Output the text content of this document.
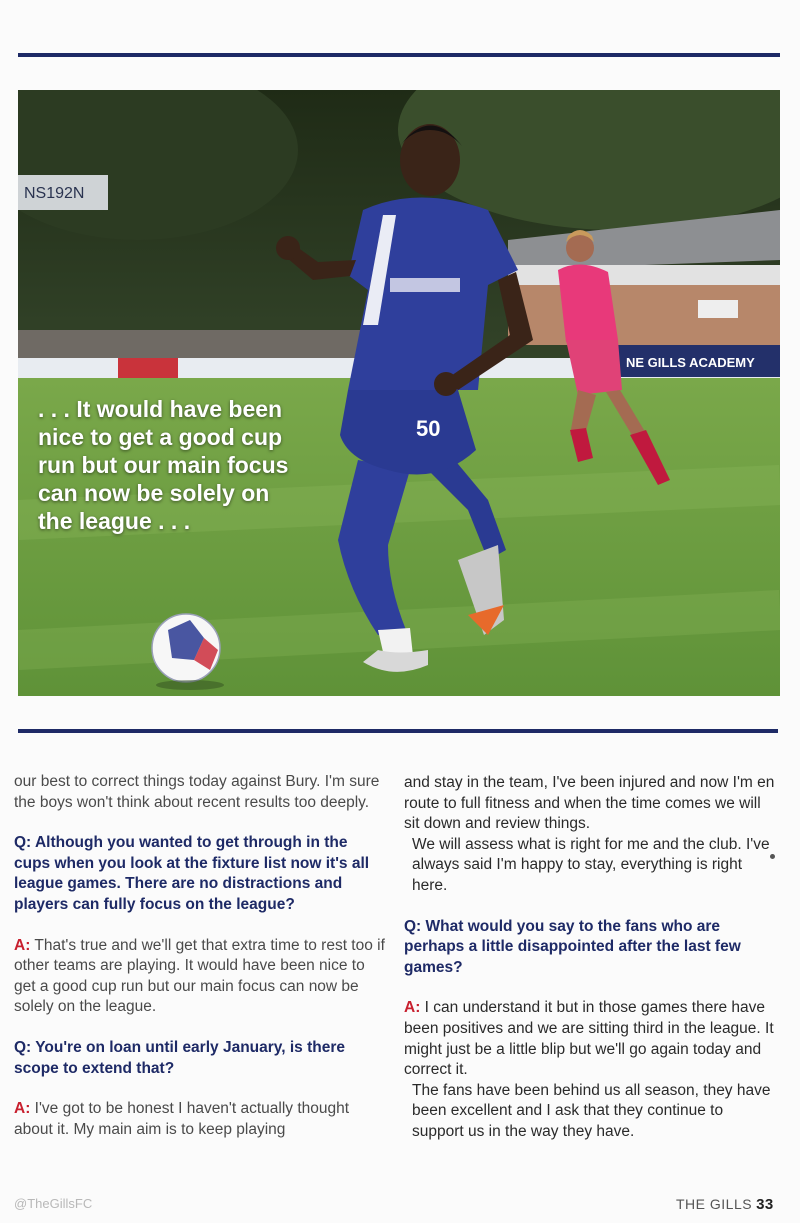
NS192N
NE GILLS ACADEMY
50

. . . It would have been nice to get a good cup run but our main focus can now be solely on the league . . .

our best to correct things today against Bury. I'm sure the boys won't think about recent results too deeply.

Q: Although you wanted to get through in the cups when you look at the fixture list now it's all league games. There are no distractions and players can fully focus on the league?

A: That's true and we'll get that extra time to rest too if other teams are playing. It would have been nice to get a good cup run but our main focus can now be solely on the league.

Q: You're on loan until early January, is there scope to extend that?

A: I've got to be honest I haven't actually thought about it. My main aim is to keep playing

and stay in the team, I've been injured and now I'm en route to full fitness and when the time comes we will sit down and review things.
We will assess what is right for me and the club. I've always said I'm happy to stay, everything is right here.

Q: What would you say to the fans who are perhaps a little disappointed after the last few games?

A: I can understand it but in those games there have been positives and we are sitting third in the league. It might just be a little blip but we'll go again today and correct it.
The fans have been behind us all season, they have been excellent and I ask that they continue to support us in the way they have.

@TheGillsFC	THE GILLS 33
